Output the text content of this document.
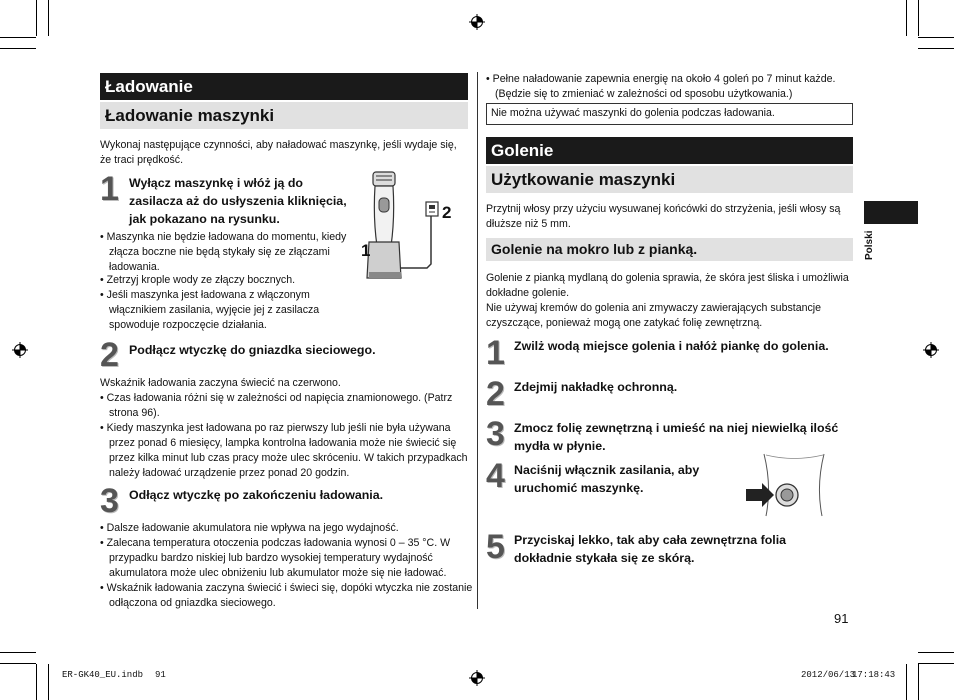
Ładowanie
Ładowanie maszynki

Wykonaj następujące czynności, aby naładować maszynkę, jeśli wydaje się, że traci prędkość.

1 Wyłącz maszynkę i włóż ją do zasilacza aż do usłyszenia kliknięcia, jak pokazano na rysunku.

• Maszynka nie będzie ładowana do momentu, kiedy złącza boczne nie będą stykały się ze złączami ładowania.
• Zetrzyj krople wody ze złączy bocznych.
• Jeśli maszynka jest ładowana z włączonym włącznikiem zasilania, wyjęcie jej z zasilacza spowoduje rozpoczęcie działania.
2
1
2 Podłącz wtyczkę do gniazdka sieciowego.

Wskaźnik ładowania zaczyna świecić na czerwono.

• Czas ładowania różni się w zależności od napięcia znamionowego. (Patrz strona 96).
• Kiedy maszynka jest ładowana po raz pierwszy lub jeśli nie była używana przez ponad 6 miesięcy, lampka kontrolna ładowania może nie świecić się przez kilka minut lub czas pracy może ulec skróceniu. W takich przypadkach należy ładować urządzenie przez ponad 20 godzin.
3 Odłącz wtyczkę po zakończeniu ładowania.

• Dalsze ładowanie akumulatora nie wpływa na jego wydajność.
• Zalecana temperatura otoczenia podczas ładowania wynosi 0 – 35 °C. W przypadku bardzo niskiej lub bardzo wysokiej temperatury wydajność akumulatora może ulec obniżeniu lub akumulator może się nie ładować.
• Wskaźnik ładowania zaczyna świecić i świeci się, dopóki wtyczka nie zostanie odłączona od gniazdka sieciowego.

• Pełne naładowanie zapewnia energię na około 4 goleń po 7 minut każde. (Będzie się to zmieniać w zależności od sposobu użytkowania.)

Nie można używać maszynki do golenia podczas ładowania.
Golenie
Użytkowanie maszynki

Przytnij włosy przy użyciu wysuwanej końcówki do strzyżenia, jeśli włosy są dłuższe niż 5 mm.

Golenie na mokro lub z pianką.

Golenie z pianką mydlaną do golenia sprawia, że skóra jest śliska i umożliwia dokładne golenie.

Nie używaj kremów do golenia ani zmywaczy zawierających substancje czyszczące, ponieważ mogą one zatykać folię zewnętrzną.

1 Zwilż wodą miejsce golenia i nałóż piankę do golenia.

2 Zdejmij nakładkę ochronną.

3 Zmocz folię zewnętrzną i umieść na niej niewielką ilość mydła w płynie.

4 Naciśnij włącznik zasilania, aby uruchomić maszynkę.

5 Przyciskaj lekko, tak aby cała zewnętrzna folia dokładnie stykała się ze skórą.

Polski
91
ER-GK40_EU.indb 91	2012/06/13
17:18:43
